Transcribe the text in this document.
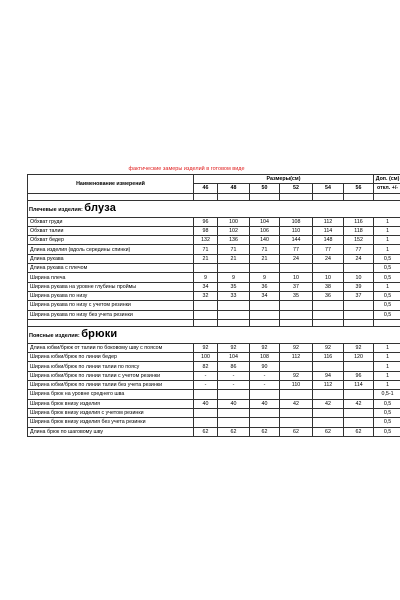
фактические замеры изделий в готовом виде							
Наименование измерений	Размеры(см)						Доп. (см)
	46	48	50	52	54	56	откл. +/-

Плечевые изделия: блуза							
Обхват груди	96	100	104	108	112	116	1
Обхват талии	98	102	106	110	114	118	1
Обхват бедер	132	136	140	144	148	152	1
Длина изделия (вдоль середины спинки)	71	71	71	77	77	77	1
Длина рукава	21	21	21	24	24	24	0,5
Длина рукава с плечом							0,5
Ширина плеча	9	9	9	10	10	10	0,5
Ширина рукава на уровне глубины проймы	34	35	36	37	38	39	1
Ширина рукава по низу	32	33	34	35	36	37	0,5
Ширина рукава по низу с учетом резинки							0,5
Ширина рукава по низу без учета резинки							0,5

Поясные изделия: брюки							
Длина юбки/брюк от талии по боковому шву с поясом	92	92	92	92	92	92	1
Ширина юбки/брюк по линии бедер	100	104	108	112	116	120	1
Ширина юбки/брюк по линии талии по поясу	82	86	90				1
Ширина юбки/брюк по линии талии с учетом резинки	-	-	-	92	94	96	1
Ширина юбки/брюк по линии талии без учета резинки	-	-	-	110	112	114	1
Ширина брюк на уровне среднего шва							0,5-1
Ширина брюк внизу изделия	40	40	40	42	42	42	0,5
Ширина брюк внизу изделия с учетом резинки							0,5
Ширина брюк внизу изделия без учета резинки							0,5
Длина брюк по шаговому шву	62	62	62	62	62	62	0,5
